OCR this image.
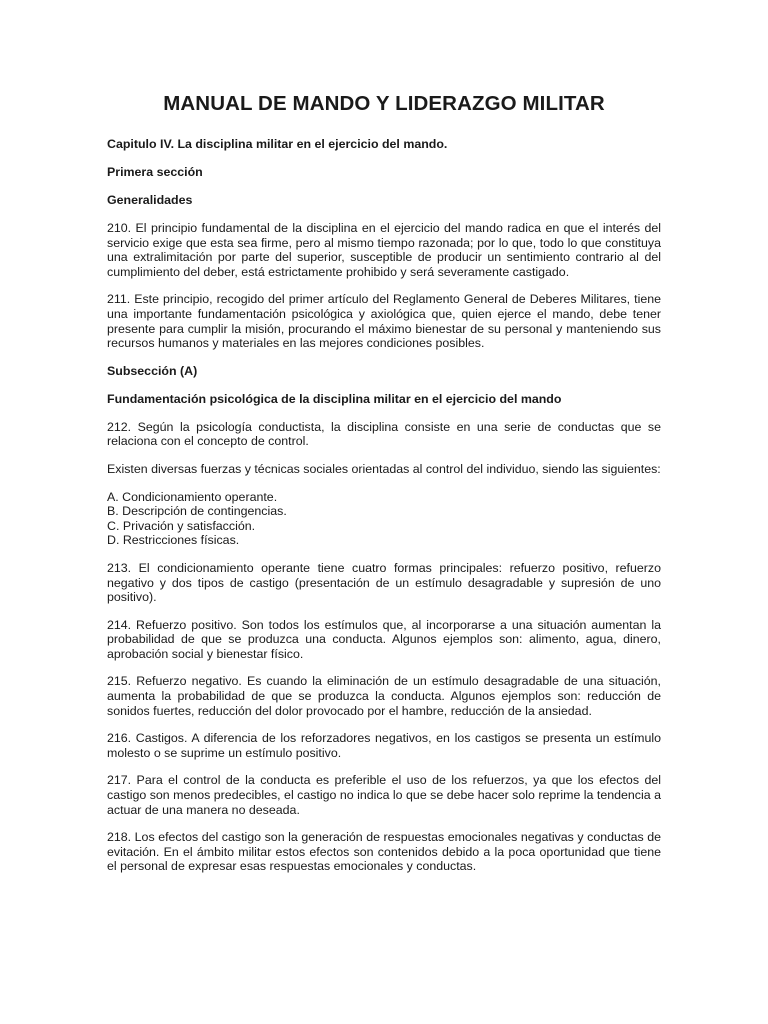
MANUAL DE MANDO Y LIDERAZGO MILITAR

Capitulo IV. La disciplina militar en el ejercicio del mando.

Primera sección

Generalidades

210. El principio fundamental de la disciplina en el ejercicio del mando radica en que el interés del servicio exige que esta sea firme, pero al mismo tiempo razonada; por lo que, todo lo que constituya una extralimitación por parte del superior, susceptible de producir un sentimiento contrario al del cumplimiento del deber, está estrictamente prohibido y será severamente castigado.

211. Este principio, recogido del primer artículo del Reglamento General de Deberes Militares, tiene una importante fundamentación psicológica y axiológica que, quien ejerce el mando, debe tener presente para cumplir la misión, procurando el máximo bienestar de su personal y manteniendo sus recursos humanos y materiales en las mejores condiciones posibles.

Subsección (A)

Fundamentación psicológica de la disciplina militar en el ejercicio del mando

212. Según la psicología conductista, la disciplina consiste en una serie de conductas que se relaciona con el concepto de control.

Existen diversas fuerzas y técnicas sociales orientadas al control del individuo, siendo las siguientes:

A. Condicionamiento operante.
B. Descripción de contingencias.
C. Privación y satisfacción.
D. Restricciones físicas.

213. El condicionamiento operante tiene cuatro formas principales: refuerzo positivo, refuerzo negativo y dos tipos de castigo (presentación de un estímulo desagradable y supresión de uno positivo).

214. Refuerzo positivo. Son todos los estímulos que, al incorporarse a una situación aumentan la probabilidad de que se produzca una conducta. Algunos ejemplos son: alimento, agua, dinero, aprobación social y bienestar físico.

215. Refuerzo negativo. Es cuando la eliminación de un estímulo desagradable de una situación, aumenta la probabilidad de que se produzca la conducta. Algunos ejemplos son: reducción de sonidos fuertes, reducción del dolor provocado por el hambre, reducción de la ansiedad.

216. Castigos. A diferencia de los reforzadores negativos, en los castigos se presenta un estímulo molesto o se suprime un estímulo positivo.

217. Para el control de la conducta es preferible el uso de los refuerzos, ya que los efectos del castigo son menos predecibles, el castigo no indica lo que se debe hacer solo reprime la tendencia a actuar de una manera no deseada.

218. Los efectos del castigo son la generación de respuestas emocionales negativas y conductas de evitación. En el ámbito militar estos efectos son contenidos debido a la poca oportunidad que tiene el personal de expresar esas respuestas emocionales y conductas.
